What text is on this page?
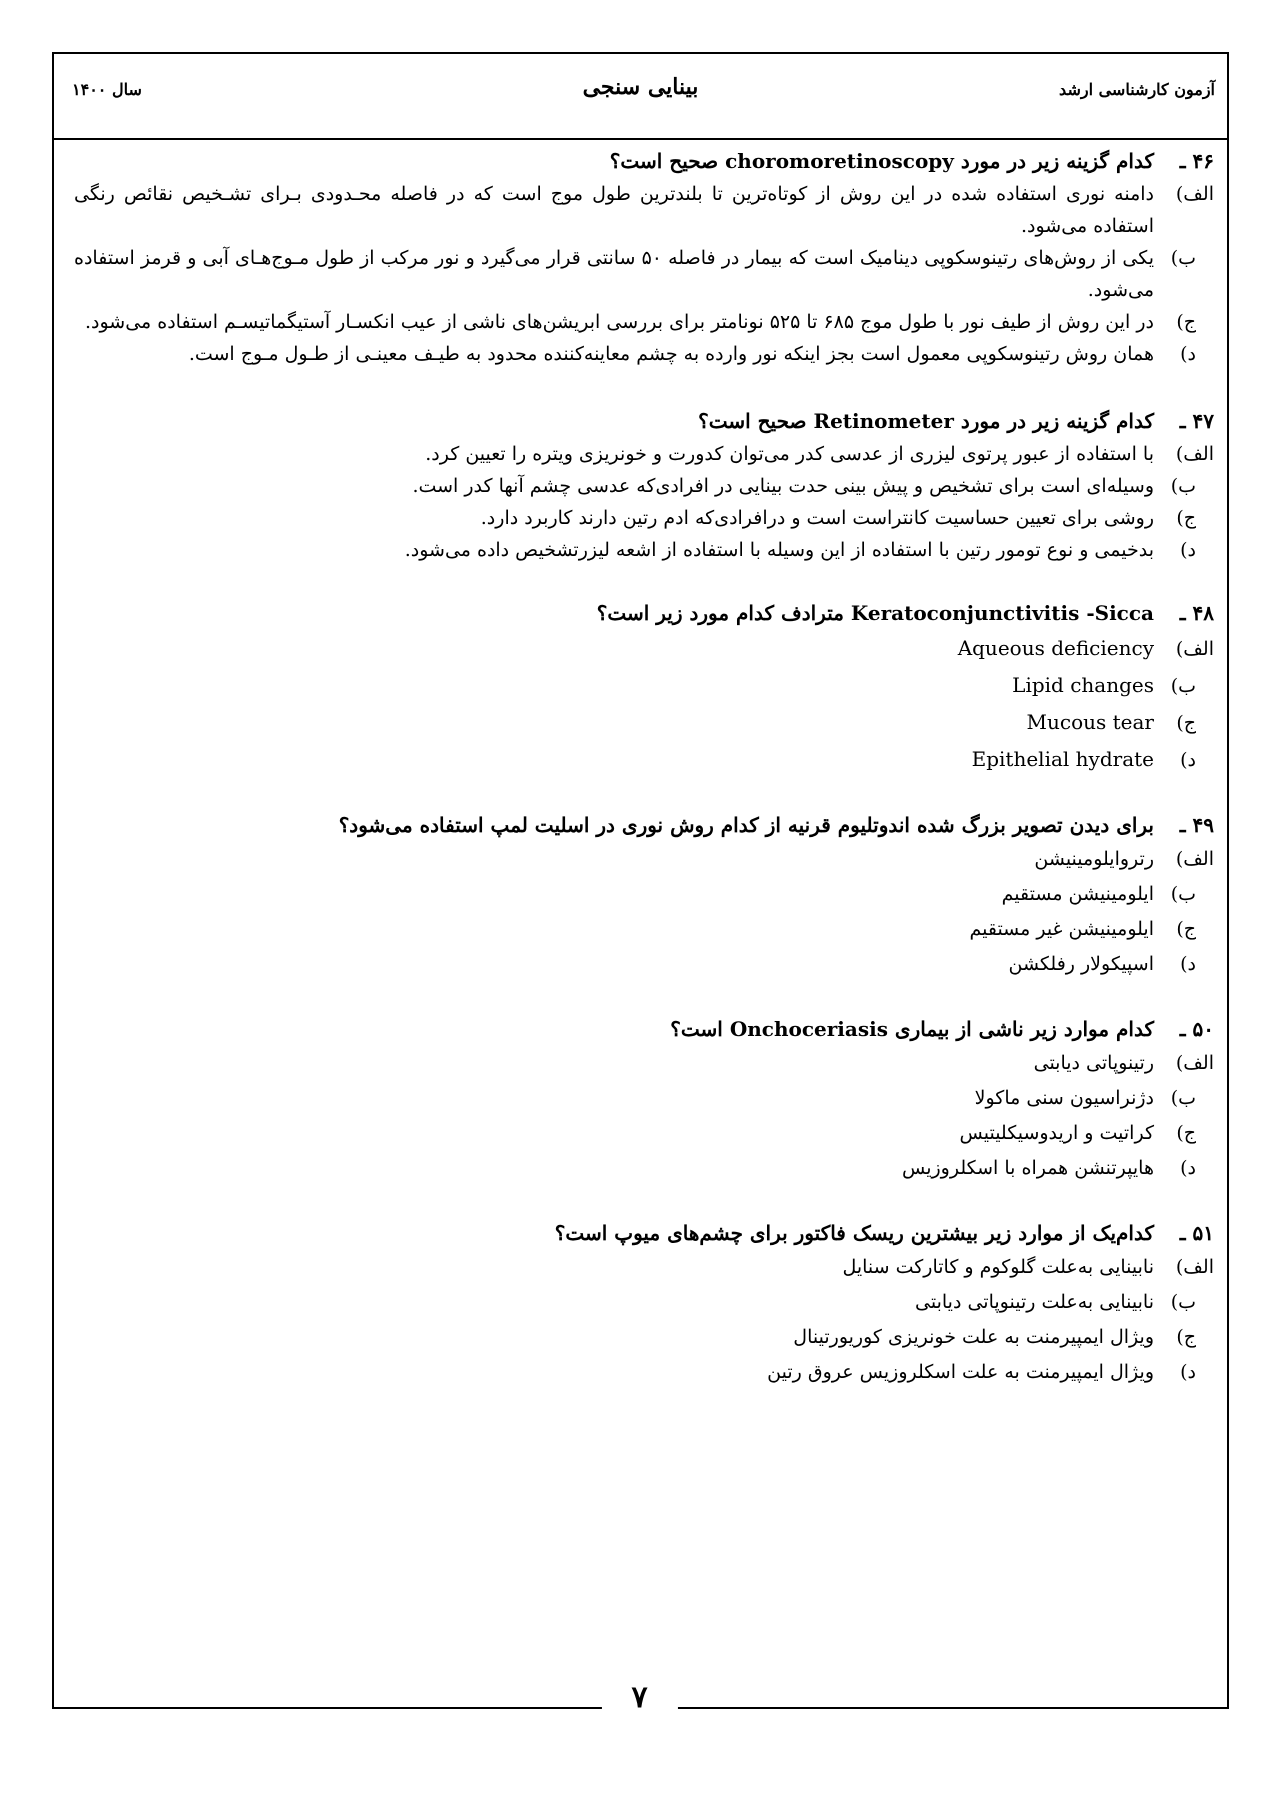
آزمون کارشناسی ارشد
بینایی سنجی
سال ۱۴۰۰
۴۶ ـ
کدام گزینه زیر در مورد choromoretinoscopy صحیح است؟
الف)
دامنه نوری استفاده شده در این روش از کوتاه‌ترین تا بلندترین طول موج است که در فاصله محـدودی بـرای تشـخیص نقائص رنگی استفاده می‌شود.
ب)
یکی از روش‌های رتینوسکوپی دینامیک است که بیمار در فاصله ۵۰ سانتی قرار می‌گیرد و نور مرکب از طول مـوج‌هـای آبی و قرمز استفاده می‌شود.
ج)
در این روش از طیف نور با طول موج ۶۸۵ تا ۵۲۵ نونامتر برای بررسی ابریشن‌های ناشی از عیب انکسـار آستیگماتیسـم استفاده می‌شود.
د)
همان روش رتینوسکوپی معمول است بجز اینکه نور وارده به چشم معاینه‌کننده محدود به طیـف معینـی از طـول مـوج است.
۴۷ ـ
کدام گزینه زیر در مورد Retinometer صحیح است؟
الف)
با استفاده از عبور پرتوی لیزری از عدسی کدر می‌توان کدورت و خونریزی ویتره را تعیین کرد.
ب)
وسیله‌ای است برای تشخیص و پیش بینی حدت بینایی در افرادی‌که عدسی چشم آنها کدر است.
ج)
روشی برای تعیین حساسیت کانتراست است و درافرادی‌که ادم رتین دارند کاربرد دارد.
د)
بدخیمی و نوع تومور رتین با استفاده از این وسیله با استفاده از اشعه لیزرتشخیص داده می‌شود.
۴۸ ـ
Keratoconjunctivitis -Sicca مترادف کدام مورد زیر است؟
الف)
Aqueous deficiency
ب)
Lipid changes
ج)
Mucous tear
د)
Epithelial hydrate
۴۹ ـ
برای دیدن تصویر بزرگ شده اندوتلیوم قرنیه از کدام روش نوری در اسلیت لمپ استفاده می‌شود؟
الف)
رتروایلومینیشن
ب)
ایلومینیشن مستقیم
ج)
ایلومینیشن غیر مستقیم
د)
اسپیکولار رفلکشن
۵۰ ـ
کدام موارد زیر ناشی از بیماری Onchoceriasis است؟
الف)
رتینوپاتی دیابتی
ب)
دژنراسیون سنی ماکولا
ج)
کراتیت و اریدوسیکلیتیس
د)
هایپرتنشن همراه با اسکلروزیس
۵۱ ـ
کدام‌یک از موارد زیر بیشترین ریسک فاکتور برای چشم‌های میوپ است؟
الف)
نابینایی به‌علت گلوکوم و کاتارکت سنایل
ب)
نابینایی به‌علت رتینوپاتی دیابتی
ج)
ویژال ایمپیرمنت به علت خونریزی کوریورتینال
د)
ویژال ایمپیرمنت به علت اسکلروزیس عروق رتین
۷
